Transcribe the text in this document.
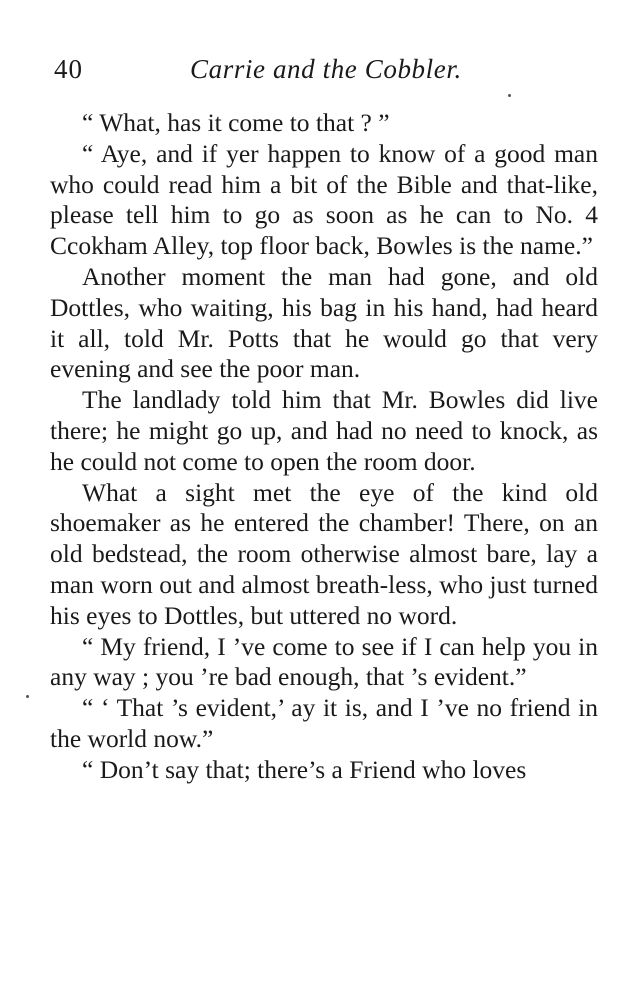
40	Carrie and the Cobbler.

“ What, has it come to that ? ”

“ Aye, and if yer happen to know of a good man who could read him a bit of the Bible and that-like, please tell him to go as soon as he can to No. 4 Ccokham Alley, top floor back, Bowles is the name.”

Another moment the man had gone, and old Dottles, who waiting, his bag in his hand, had heard it all, told Mr. Potts that he would go that very evening and see the poor man.

The landlady told him that Mr. Bowles did live there; he might go up, and had no need to knock, as he could not come to open the room door.

What a sight met the eye of the kind old shoemaker as he entered the chamber! There, on an old bedstead, the room otherwise almost bare, lay a man worn out and almost breath-less, who just turned his eyes to Dottles, but uttered no word.

“ My friend, I ’ve come to see if I can help you in any way ; you ’re bad enough, that ’s evident.”

“ ‘ That ’s evident,’ ay it is, and I ’ve no friend in the world now.”

“ Don’t say that; there’s a Friend who loves
